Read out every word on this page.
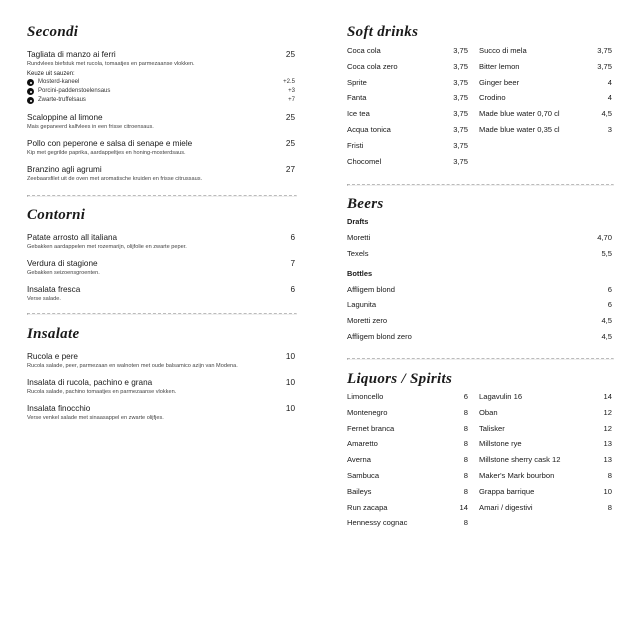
Secondi
Tagliata di manzo ai ferri	25
Rundvlees biefstuk met rucola, tomaatjes en parmezaanse vlokken.
Keuze uit sauzen:
Mosterd-kaneel	+2.5
Porcini-paddenstoelensaus	+3
Zwarte-truffelsaus	+7
Scaloppine al limone	25
Mais gepaneerd kalfvlees in een frisse citroensaus.
Pollo con peperone e salsa di senape e miele	25
Kip met gegrilde paprika, aardappeltjes en honing-mosterdsaus.
Branzino agli agrumi	27
Zeebaarsfilet uit de oven met aromatische kruiden en frisse citrussaus.
Contorni
Patate arrosto all italiana	6
Gebakken aardappelen met rozemarijn, olijfolie en zwarte peper.
Verdura di stagione	7
Gebakken seizoensgroenten.
Insalata fresca	6
Verse salade.
Insalate
Rucola e pere	10
Rucola salade, peer, parmezaan en walnoten met oude balsamico azijn van Modena.
Insalata di rucola, pachino e grana	10
Rucola salade, pachino tomaatjes en parmezaanse vlokken.
Insalata finocchio	10
Verse venkel salade met sinaasappel en zwarte olijfjes.
Soft drinks
Coca cola	3,75
Coca cola zero	3,75
Sprite	3,75
Fanta	3,75
Ice tea	3,75
Acqua tonica	3,75
Fristi	3,75
Chocomel	3,75
Succo di mela	3,75
Bitter lemon	3,75
Ginger beer	4
Crodino	4
Made blue water 0,70 cl	4,5
Made blue water 0,35 cl	3
Beers
Drafts
Moretti	4,70
Texels	5,5
Bottles
Affligem blond	6
Lagunita	6
Moretti zero	4,5
Affligem blond zero	4,5
Liquors / Spirits
Limoncello	6
Montenegro	8
Fernet branca	8
Amaretto	8
Averna	8
Sambuca	8
Baileys	8
Run zacapa	14
Hennessy cognac	8
Lagavulin 16	14
Oban	12
Talisker	12
Millstone rye	13
Millstone sherry cask 12	13
Maker's Mark bourbon	8
Grappa barrique	10
Amari / digestivi	8
